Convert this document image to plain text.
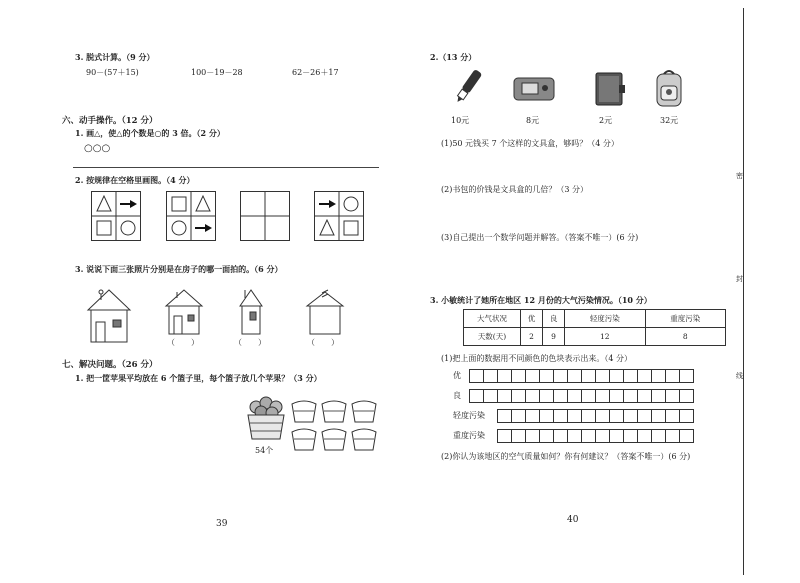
3. 脱式计算。（9 分）
90－(57＋15)	100－19－28	62－26＋17
六、动手操作。（12 分）
1. 画△，使△的个数是○的 3 倍。（2 分）
○○○
2. 按规律在空格里画图。（4 分）
3. 说说下面三张照片分别是在房子的哪一面拍的。（6 分）
（　　）	（　　）	（　　）
七、解决问题。（26 分）
1. 把一筐苹果平均放在 6 个篮子里，每个篮子放几个苹果？（3 分）
54个
39
2.（13 分）
10元	8元	2元	32元
(1)50 元钱买 7 个这样的文具盒，够吗？（4 分）
(2)书包的价钱是文具盒的几倍？（3 分）
(3)自己提出一个数学问题并解答。（答案不唯一）(6 分)
3. 小敏统计了她所在地区 12 月份的大气污染情况。（10 分）
大气状况	优	良	轻度污染	重度污染
天数(天)	2	9	12	8
(1)把上面的数据用不同颜色的色块表示出来。（4 分）
优
良
轻度污染
重度污染
(2)你认为该地区的空气质量如何？你有何建议？（答案不唯一）(6 分)
40
密
封
线
